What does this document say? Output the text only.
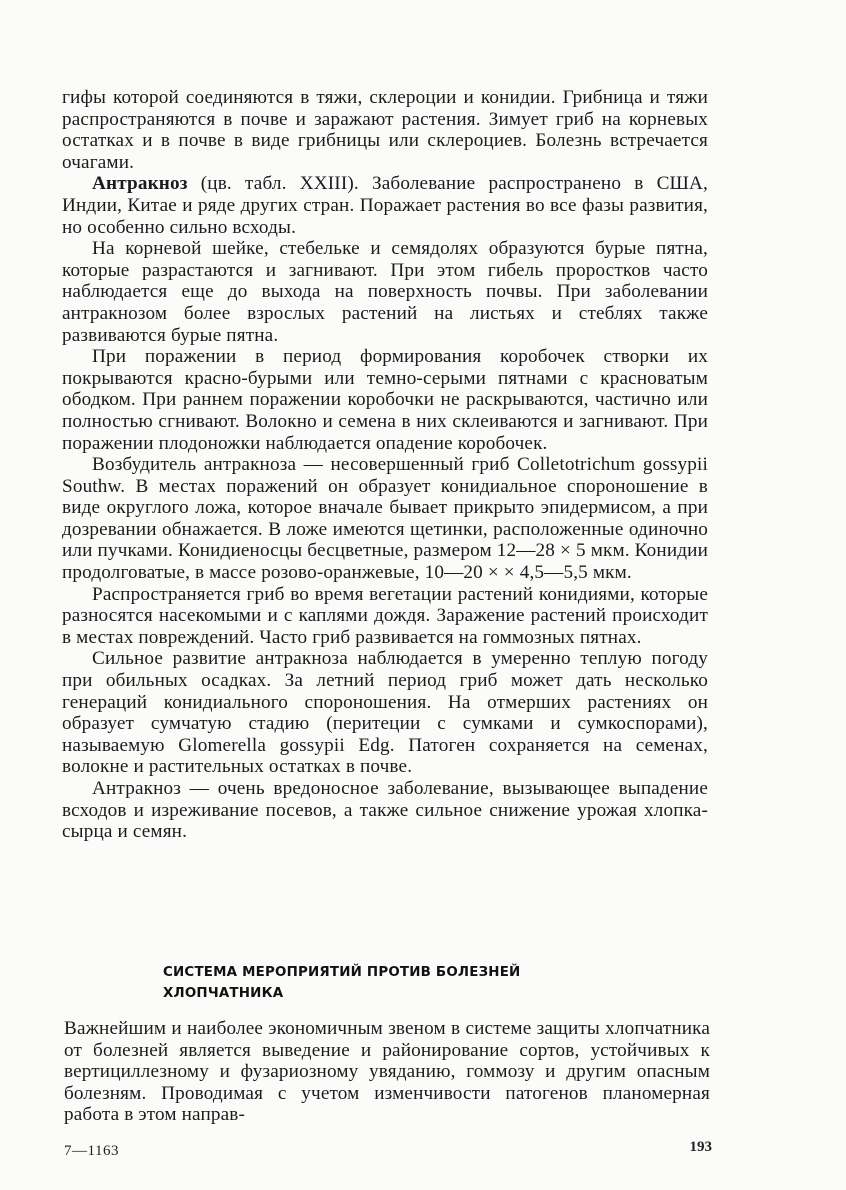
гифы которой соединяются в тяжи, склероции и конидии. Грибница и тяжи распространяются в почве и заражают растения. Зимует гриб на корневых остатках и в почве в виде грибницы или склероциев. Болезнь встречается очагами.

Антракноз (цв. табл. XXIII). Заболевание распространено в США, Индии, Китае и ряде других стран. Поражает растения во все фазы развития, но особенно сильно всходы.

На корневой шейке, стебельке и семядолях образуются бурые пятна, которые разрастаются и загнивают. При этом гибель проростков часто наблюдается еще до выхода на поверхность почвы. При заболевании антракнозом более взрослых растений на листьях и стеблях также развиваются бурые пятна.

При поражении в период формирования коробочек створки их покрываются красно-бурыми или темно-серыми пятнами с красноватым ободком. При раннем поражении коробочки не раскрываются, частично или полностью сгнивают. Волокно и семена в них склеиваются и загнивают. При поражении плодоножки наблюдается опадение коробочек.

Возбудитель антракноза — несовершенный гриб Colletotrichum gossypii Southw. В местах поражений он образует конидиальное спороношение в виде округлого ложа, которое вначале бывает прикрыто эпидермисом, а при дозревании обнажается. В ложе имеются щетинки, расположенные одиночно или пучками. Конидиеносцы бесцветные, размером 12—28 × 5 мкм. Конидии продолговатые, в массе розово-оранжевые, 10—20 × × 4,5—5,5 мкм.

Распространяется гриб во время вегетации растений конидиями, которые разносятся насекомыми и с каплями дождя. Заражение растений происходит в местах повреждений. Часто гриб развивается на гоммозных пятнах.

Сильное развитие антракноза наблюдается в умеренно теплую погоду при обильных осадках. За летний период гриб может дать несколько генераций конидиального спороношения. На отмерших растениях он образует сумчатую стадию (перитеции с сумками и сумкоспорами), называемую Glomerella gossypii Edg. Патоген сохраняется на семенах, волокне и растительных остатках в почве.

Антракноз — очень вредоносное заболевание, вызывающее выпадение всходов и изреживание посевов, а также сильное снижение урожая хлопка-сырца и семян.

СИСТЕМА МЕРОПРИЯТИЙ ПРОТИВ БОЛЕЗНЕЙ
ХЛОПЧАТНИКА

Важнейшим и наиболее экономичным звеном в системе защиты хлопчатника от болезней является выведение и районирование сортов, устойчивых к вертициллезному и фузариозному увяданию, гоммозу и другим опасным болезням. Проводимая с учетом изменчивости патогенов планомерная работа в этом направ-

7—1163	193
